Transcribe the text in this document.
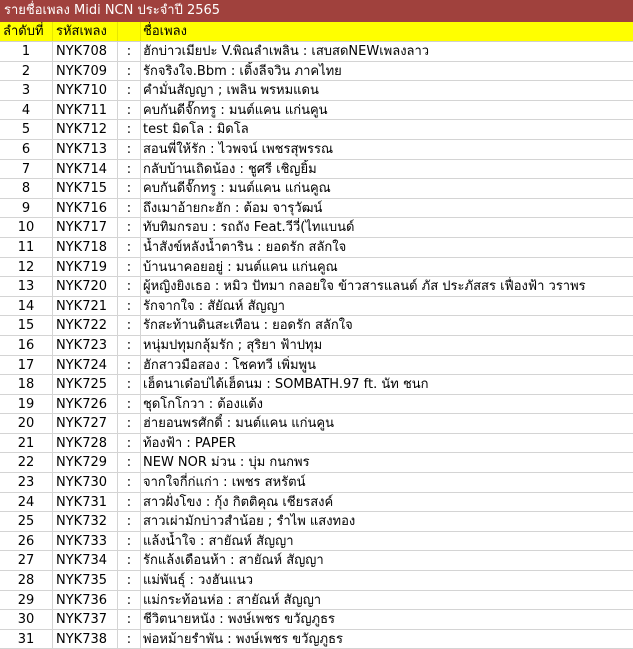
รายชื่อเพลง Midi NCN ประจำปี 2565
ลำดับที่ รหัสเพลง	ชื่อเพลง
1	NYK708	: ฮักบ่าวเมียปะ V.พิณลำเพลิน : เสบสดNEWเพลงลาว
2	NYK709	: รักจริงใจ.Bbm : เติ้งลีจวิน ภาคไทย
3	NYK710	: คำมั่นสัญญา ; เพลิน พรหมแดน
4	NYK711	: คบกันดีจั๊กทรู : มนต์แคน แก่นคูน
5	NYK712	: test มิดโล : มิดโล
6	NYK713	: สอนพี่ให้รัก : ไวพจน์ เพชรสุพรรณ
7	NYK714	: กลับบ้านเถิดน้อง : ชูศรี เชิญยิ้ม
8	NYK715	: คบกันดีจั๊กทรู : มนต์แคน แก่นคูณ
9	NYK716	: ถึงเมาอ้ายกะฮัก : ต้อม จารุวัฒน์
10	NYK717	: ทับทิมกรอบ : รถถัง Feat.วีวี่(ไทแบนด์
11	NYK718	: น้ำสังข์หลังน้ำตาริน : ยอดรัก สลักใจ
12	NYK719	: บ้านนาคอยอยู่ : มนต์แคน แก่นคูณ
13	NYK720	: ผู้หญิงยิงเธอ : หมิว ปัทมา กลอยใจ ข้าวสารแลนด์ ภัส ประภัสสร เฟื่องฟ้า วราพร
14	NYK721	: รักจากใจ : สัยัณห์ สัญญา
15	NYK722	: รักสะท้านดินสะเทือน : ยอดรัก สลักใจ
16	NYK723	: หนุ่มปทุมกลุ้มรัก ; สุริยา ฟ้าปทุม
17	NYK724	: ฮักสาวมือสอง : โชคทวี เพิ่มพูน
18	NYK725	: เฮ็ดนาเด๋อบ่ได้เฮ็ดนม : SOMBATH.97 ft. นัท ชนก
19	NYK726	: ชุดโกโกวา : ต้องแต้ง
20	NYK727	: ฮ่ายอนพรศักดิ์ : มนต์แคน แก่นคูน
21	NYK728	: ท้องฟ้า : PAPER
22	NYK729	: NEW NOR ม่วน : บุ่ม กนกพร
23	NYK730	: จากใจกี่ก่แก่า : เพชร สหรัตน์
24	NYK731	: สาวฝั่งโขง : กุ้ง กิตติคุณ เชียรสงค์
25	NYK732	: สาวเผ่ามักบ่าวสำน้อย ; รำไพ แสงทอง
26	NYK733	: แล้งน้ำใจ : สายัณห์ สัญญา
27	NYK734	: รักแล้งเดือนห้า : สายัณห์ สัญญา
28	NYK735	: แม่พันธุ์ : วงฮันแนว
29	NYK736	: แม่กระท้อนห่อ : สายัณห์ สัญญา
30	NYK737	: ชีวิตนายหนัง : พงษ์เพชร ขวัญภูธร
31	NYK738	: พ่อหม้ายรำพัน : พงษ์เพชร ขวัญภูธร
